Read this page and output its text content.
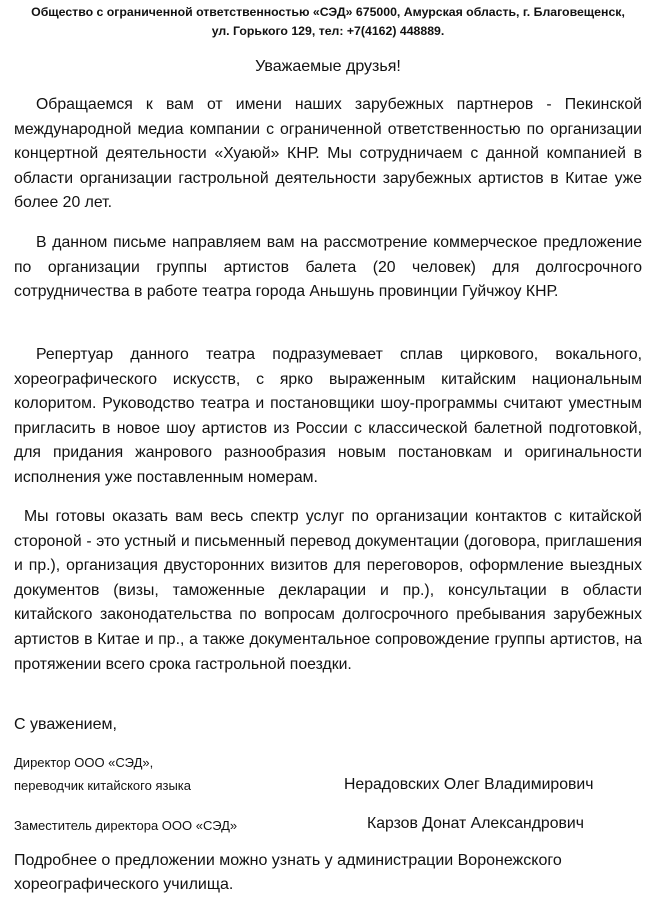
Общество с ограниченной ответственностью «СЭД» 675000, Амурская область, г. Благовещенск,
ул. Горького 129, тел: +7(4162) 448889.
Уважаемые друзья!

Обращаемся к вам от имени наших зарубежных партнеров - Пекинской международной медиа компании с ограниченной ответственностью по организации концертной деятельности «Хуаюй» КНР. Мы сотрудничаем с данной компанией в области организации гастрольной деятельности зарубежных артистов в Китае уже более 20 лет.

В данном письме направляем вам на рассмотрение коммерческое предложение по организации группы артистов балета (20 человек) для долгосрочного сотрудничества в работе театра города Аньшунь провинции Гуйчжоу КНР.

Репертуар данного театра подразумевает сплав циркового, вокального, хореографического искусств, с ярко выраженным китайским национальным колоритом. Руководство театра и постановщики шоу-программы считают уместным пригласить в новое шоу артистов из России с классической балетной подготовкой, для придания жанрового разнообразия новым постановкам и оригинальности исполнения уже поставленным номерам.

Мы готовы оказать вам весь спектр услуг по организации контактов с китайской стороной - это устный и письменный перевод документации (договора, приглашения и пр.), организация двусторонних визитов для переговоров, оформление выездных документов (визы, таможенные декларации и пр.), консультации в области китайского законодательства по вопросам долгосрочного пребывания зарубежных артистов в Китае и пр., а также документальное сопровождение группы артистов, на протяжении всего срока гастрольной поездки.

С уважением,
Директор ООО «СЭД»,
переводчик китайского языка	Нерадовских Олег Владимирович
Заместитель директора ООО «СЭД»	Карзов Донат Александрович

Подробнее о предложении можно узнать у администрации Воронежского хореографического училища.
